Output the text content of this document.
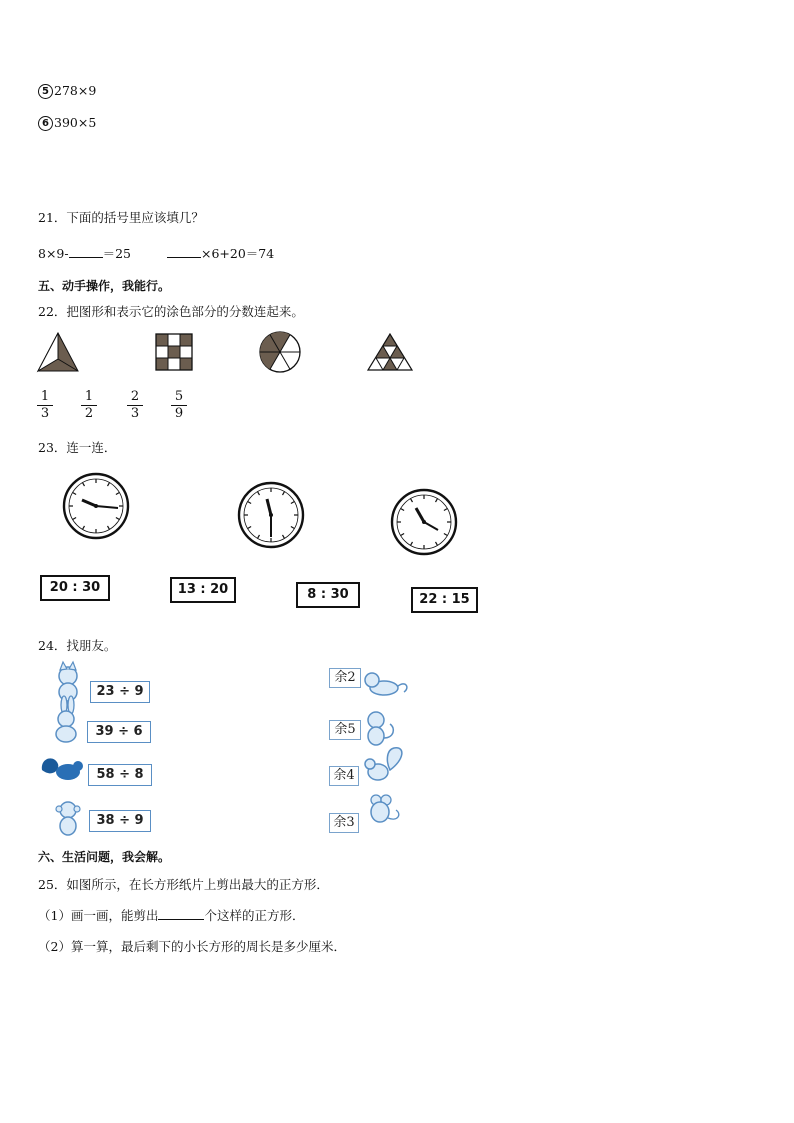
5 278×9
6 390×5
21．下面的括号里应该填几？
8×9-	＝25	×6+20＝74
五、动手操作，我能行。
22．把图形和表示它的涂色部分的分数连起来。
1
3
1
2
2
3
5
9
23．连一连．
20 : 30	13 : 20	8 : 30	22 : 15
24．找朋友。
23 ÷ 9
39 ÷ 6
58 ÷ 8
38 ÷ 9
余2
余5
余4
余3
六、生活问题，我会解。
25．如图所示，在长方形纸片上剪出最大的正方形．
（1）画一画，能剪出	个这样的正方形．
（2）算一算，最后剩下的小长方形的周长是多少厘米．
